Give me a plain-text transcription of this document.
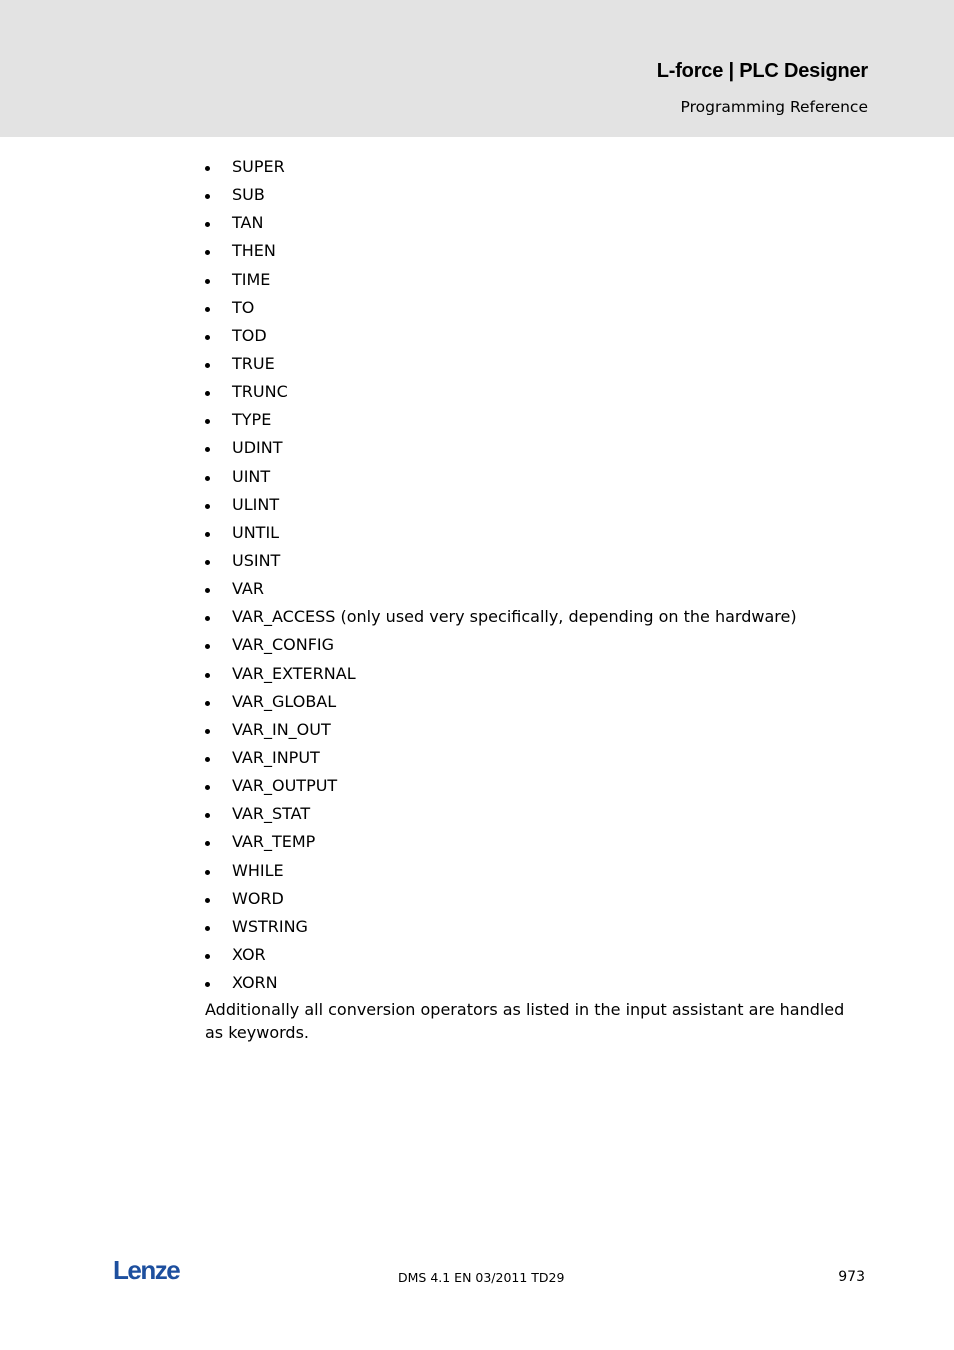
L-force | PLC Designer
Programming Reference
SUPER
SUB
TAN
THEN
TIME
TO
TOD
TRUE
TRUNC
TYPE
UDINT
UINT
ULINT
UNTIL
USINT
VAR
VAR_ACCESS (only used very specifically, depending on the hardware)
VAR_CONFIG
VAR_EXTERNAL
VAR_GLOBAL
VAR_IN_OUT
VAR_INPUT
VAR_OUTPUT
VAR_STAT
VAR_TEMP
WHILE
WORD
WSTRING
XOR
XORN
Additionally all conversion operators as listed in the input assistant are handled as keywords.
Lenze	DMS 4.1 EN 03/2011 TD29	973
